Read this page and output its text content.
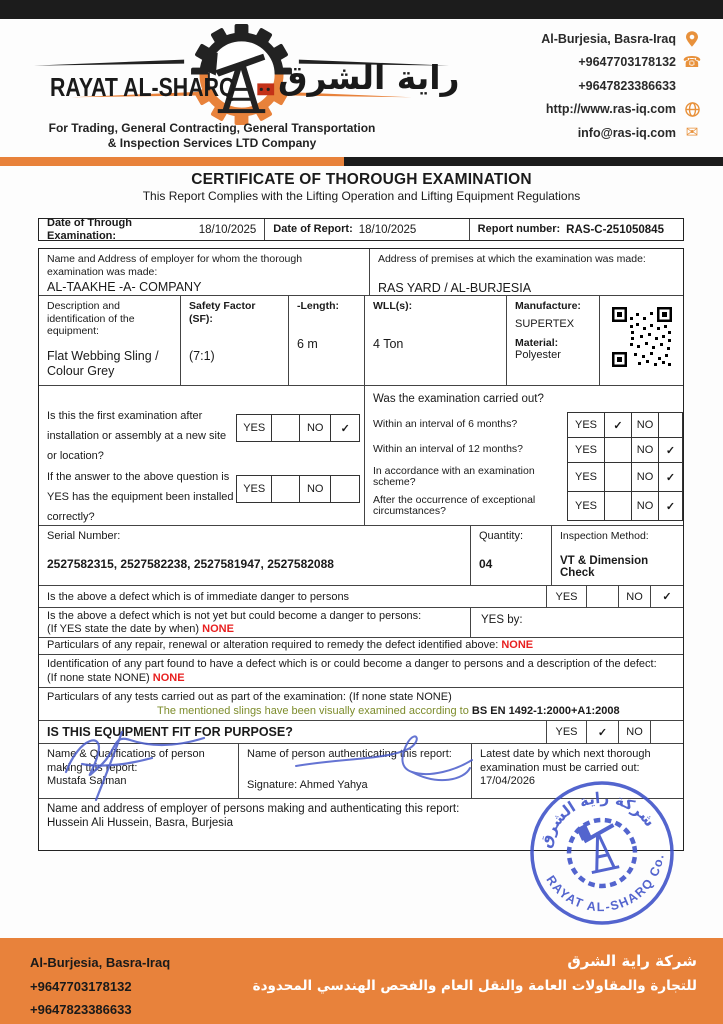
RAYAT AL-SHARQ راية الشرق
For Trading, General Contracting, General Transportation
& Inspection Services LTD Company
Al-Burjesia, Basra-Iraq
+9647703178132 ☎
+9647823386633
http://www.ras-iq.com
info@ras-iq.com ✉
CERTIFICATE OF THOROUGH EXAMINATION
This Report Complies with the Lifting Operation and Lifting Equipment Regulations
Date of Through Examination:	18/10/2025 Date of Report: 18/10/2025	Report number: RAS-C-251050845
Name and Address of employer for whom the thorough examination was made:
AL-TAAKHE -A- COMPANY
Address of premises at which the examination was made:
RAS YARD / AL-BURJESIA
Description and identification of the equipment:
Flat Webbing Sling / Colour Grey
Safety Factor (SF):
(7:1)
-Length:
6 m
WLL(s):
4 Ton
Manufacture:
SUPERTEX
Material:
Polyester
Is this the first examination after installation or assembly at a new site or location?
YES	NO	✓
If the answer to the above question is YES has the equipment been installed correctly?
YES	NO
Was the examination carried out?
Within an interval of 6 months?	YES	✓	NO
Within an interval of 12 months?	YES	NO	✓
In accordance with an examination scheme?	YES	NO	✓
After the occurrence of exceptional circumstances?	YES	NO	✓
Serial Number:
2527582315, 2527582238, 2527581947, 2527582088
Quantity:
04
Inspection Method:
VT & Dimension Check
Is the above a defect which is of immediate danger to persons	YES	NO	✓
Is the above a defect which is not yet but could become a danger to persons:
(If YES state the date by when) NONE
YES by:
Particulars of any repair, renewal or alteration required to remedy the defect identified above: NONE
Identification of any part found to have a defect which is or could become a danger to persons and a description of the defect:
(If none state NONE) NONE
Particulars of any tests carried out as part of the examination: (If none state NONE)
The mentioned slings have been visually examined according to BS EN 1492-1:2000+A1:2008
IS THIS EQUIPMENT FIT FOR PURPOSE?	YES	✓	NO
Name & Qualifications of person making this report:
Mustafa Salman
Name of person authenticating this report:
Signature: Ahmed Yahya
Latest date by which next thorough examination must be carried out:
17/04/2026
Name and address of employer of persons making and authenticating this report:
Hussein Ali Hussein, Basra, Burjesia
شركة راية الشرق
RAYAT AL-SHARQ Co.
Al-Burjesia, Basra-Iraq
+9647703178132
+9647823386633
شركة راية الشرق
للتجارة والمقاولات العامة والنقل العام والفحص الهندسي المحدودة
